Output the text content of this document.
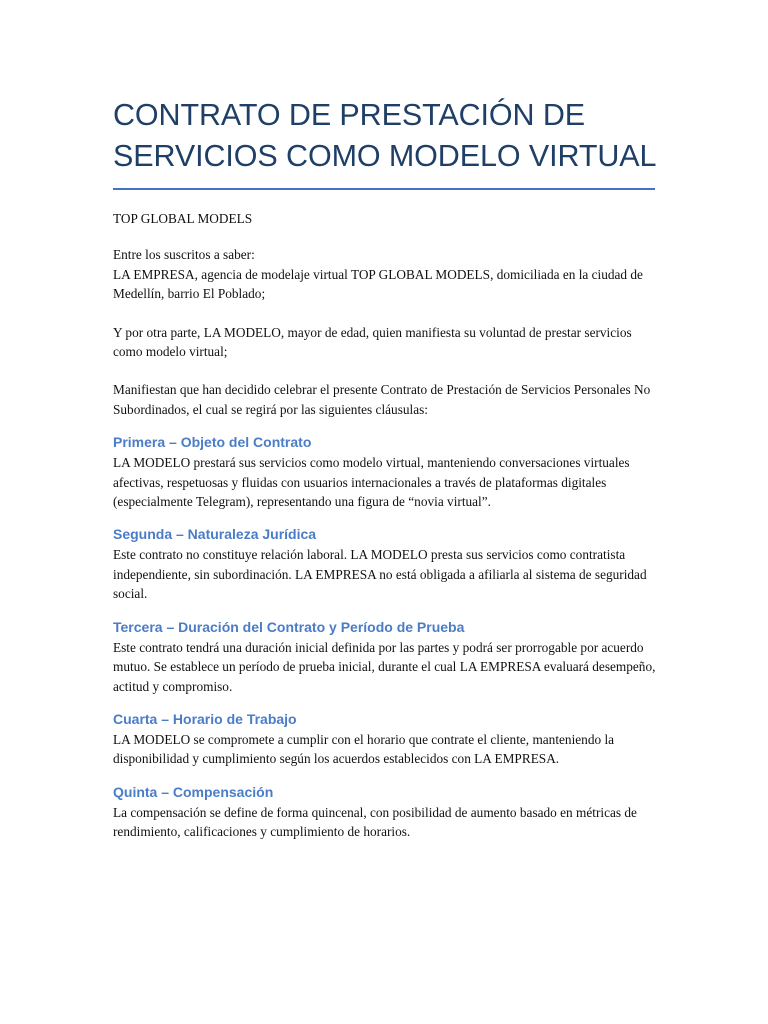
CONTRATO DE PRESTACIÓN DE SERVICIOS COMO MODELO VIRTUAL

TOP GLOBAL MODELS

Entre los suscritos a saber:
LA EMPRESA, agencia de modelaje virtual TOP GLOBAL MODELS, domiciliada en la ciudad de Medellín, barrio El Poblado;

Y por otra parte, LA MODELO, mayor de edad, quien manifiesta su voluntad de prestar servicios como modelo virtual;

Manifiestan que han decidido celebrar el presente Contrato de Prestación de Servicios Personales No Subordinados, el cual se regirá por las siguientes cláusulas:

Primera – Objeto del Contrato

LA MODELO prestará sus servicios como modelo virtual, manteniendo conversaciones virtuales afectivas, respetuosas y fluidas con usuarios internacionales a través de plataformas digitales (especialmente Telegram), representando una figura de “novia virtual”.

Segunda – Naturaleza Jurídica

Este contrato no constituye relación laboral. LA MODELO presta sus servicios como contratista independiente, sin subordinación. LA EMPRESA no está obligada a afiliarla al sistema de seguridad social.

Tercera – Duración del Contrato y Período de Prueba

Este contrato tendrá una duración inicial definida por las partes y podrá ser prorrogable por acuerdo mutuo. Se establece un período de prueba inicial, durante el cual LA EMPRESA evaluará desempeño, actitud y compromiso.

Cuarta – Horario de Trabajo

LA MODELO se compromete a cumplir con el horario que contrate el cliente, manteniendo la disponibilidad y cumplimiento según los acuerdos establecidos con LA EMPRESA.

Quinta – Compensación

La compensación se define de forma quincenal, con posibilidad de aumento basado en métricas de rendimiento, calificaciones y cumplimiento de horarios.
